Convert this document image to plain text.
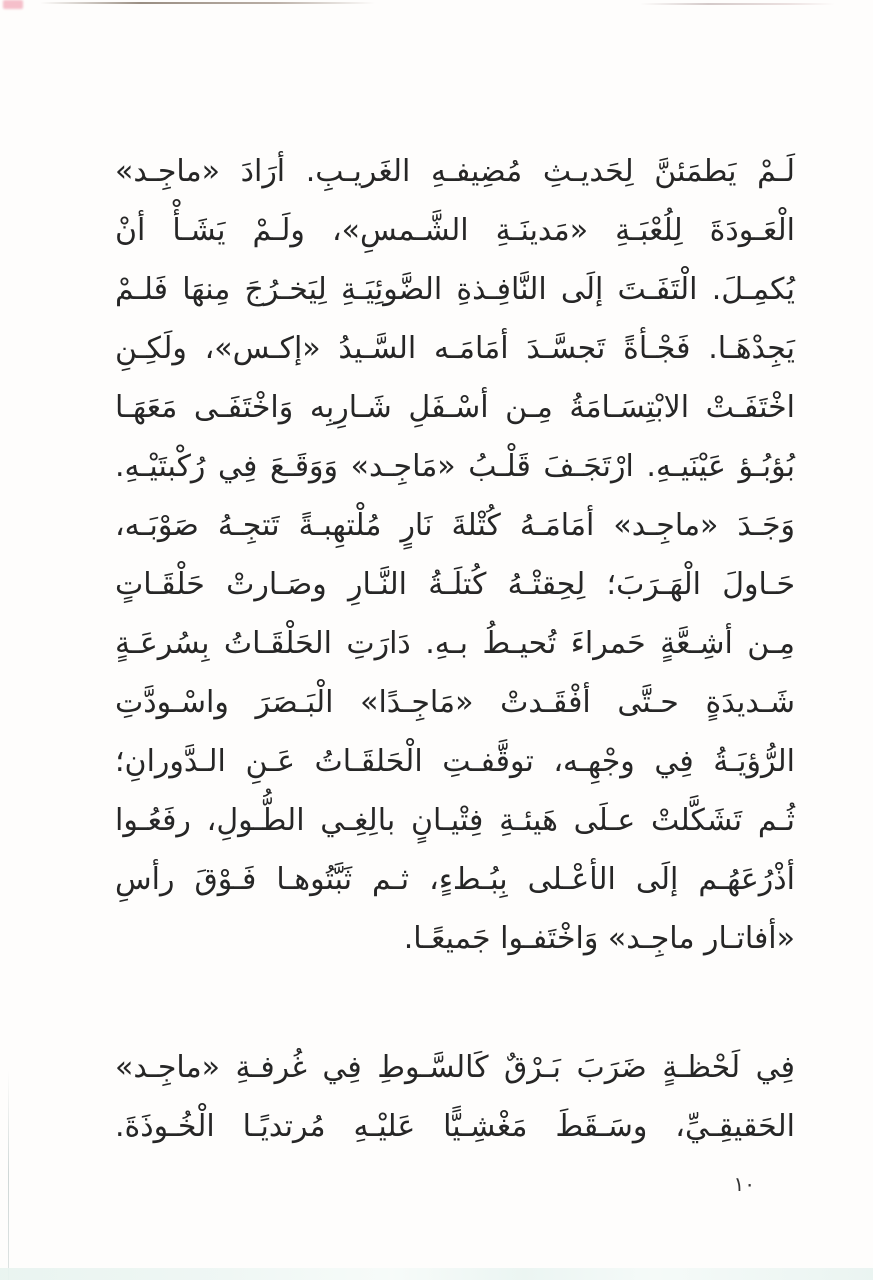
لَـمْ يَطمَئنَّ لِحَديـثِ مُضِيفـهِ الغَريـبِ. أرَادَ «ماجِـد»
الْعَـودَةَ لِلُعْبَـةِ «مَدينَـةِ الشَّـمسِ»، ولَـمْ يَشَـأْ أنْ
يُكمِـلَ. الْتَفَـتَ إلَى النَّافِـذةِ الضَّوئِيَـةِ لِيَخـرُجَ مِنهَا فَلـمْ
يَجِدْهَـا. فَجْـأةً تَجسَّـدَ أمَامَـه السَّـيدُ «إكـس»، ولَكِـنِ
اخْتَفَـتْ الابْتِسَـامَةُ مِـن أسْـفَلِ شَـارِبِه وَاخْتَفَـى مَعَهَـا
بُؤبُـؤ عَيْنَيـهِ. ارْتَجَـفَ قَلْـبُ «مَاجِـد» وَوَقَـعَ فِي رُكْبتَيْـهِ.
وَجَـدَ «ماجِـد» أمَامَـهُ كُتْلةَ نَارٍ مُلْتهِبـةً تَتجِـهُ صَوْبَـه،
حَـاولَ الْهَـرَبَ؛ لِحِقتْـهُ كُتلَـةُ النَّـارِ وصَـارتْ حَلْقَـاتٍ
مِـن أشِـعَّةٍ حَمراءَ تُحيـطُ بـهِ. دَارَتِ الحَلْقَـاتُ بِسُرعَـةٍ
شَـديدَةٍ حـتَّى أفْقَـدتْ «مَاجِـدًا» الْبَـصَرَ واسْـودَّتِ
الرُّؤيَـةُ فِي وجْهِـه، توقَّفـتِ الْحَلقَـاتُ عَـنِ الـدَّورانِ؛
ثُـم تَشَكَّلتْ عـلَى هَيئـةِ فِتْيـانٍ بالِغِـي الطُّـولِ، رفَعُـوا
أذْرُعَهُـم إلَى الأعْـلى بِبُـطءٍ، ثـم ثَبَّتُوهـا فَـوْقَ رأسِ
«أفاتـار ماجِـد» وَاخْتَفـوا جَميعًـا.
فِي لَحْظـةٍ ضَرَبَ بَـرْقٌ كَالسَّـوطِ فِي غُرفـةِ «ماجِـد»
الحَقيقِـيِّ، وسَـقَطَ مَغْشِـيًّا عَليْـهِ مُرتديًـا الْخُـوذَةَ.
١٠
